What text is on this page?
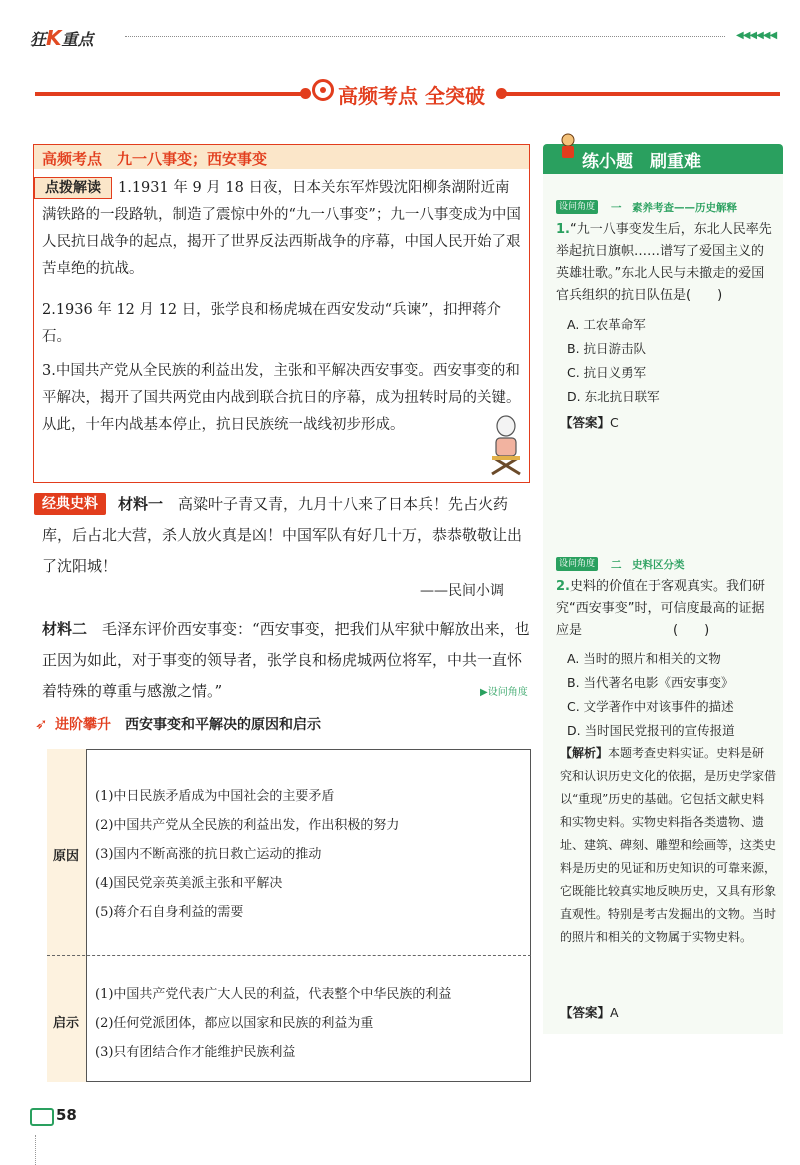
狂K重点	◀◀◀◀◀◀
高频考点 全突破
高频考点　九一八事变；西安事变
1.1931 年 9 月 18 日夜，日本关东军炸毁沈阳柳条湖附近南满铁路的一段路轨，制造了震惊中外的“九一八事变”；九一八事变成为中国人民抗日战争的起点，揭开了世界反法西斯战争的序幕，中国人民开始了艰苦卓绝的抗战。
点拨解读
2.1936 年 12 月 12 日，张学良和杨虎城在西安发动“兵谏”，扣押蒋介石。
3.中国共产党从全民族的利益出发，主张和平解决西安事变。西安事变的和平解决，揭开了国共两党由内战到联合抗日的序幕，成为扭转时局的关键。从此，十年内战基本停止，抗日民族统一战线初步形成。
材料一　高粱叶子青又青，九月十八来了日本兵！先占火药库，后占北大营，杀人放火真是凶！中国军队有好几十万，恭恭敬敬让出了沈阳城！
经典史料
——民间小调
材料二　毛泽东评价西安事变：“西安事变，把我们从牢狱中解放出来，也正因为如此，对于事变的领导者，张学良和杨虎城两位将军，中共一直怀着特殊的尊重与感激之情。”	▶设问角度
➶ 进阶攀升 西安事变和平解决的原因和启示
原因
启示
(1)中日民族矛盾成为中国社会的主要矛盾
(2)中国共产党从全民族的利益出发，作出积极的努力
(3)国内不断高涨的抗日救亡运动的推动
(4)国民党亲英美派主张和平解决
(5)蒋介石自身利益的需要
(1)中国共产党代表广大人民的利益，代表整个中华民族的利益
(2)任何党派团体，都应以国家和民族的利益为重
(3)只有团结合作才能维护民族利益
58
练小题　刷重难
设问角度 一　素养考查——历史解释
1.“九一八事变发生后，东北人民率先举起抗日旗帜……谱写了爱国主义的英雄壮歌。”东北人民与未撤走的爱国官兵组织的抗日队伍是(　　)
A. 工农革命军
B. 抗日游击队
C. 抗日义勇军
D. 东北抗日联军
【答案】C
设问角度 二　史料区分类
2.史料的价值在于客观真实。我们研究“西安事变”时，可信度最高的证据应是　　　　　　　(　　)
A. 当时的照片和相关的文物
B. 当代著名电影《西安事变》
C. 文学著作中对该事件的描述
D. 当时国民党报刊的宣传报道
【解析】本题考查史料实证。史料是研究和认识历史文化的依据，是历史学家借以“重现”历史的基础。它包括文献史料和实物史料。实物史料指各类遗物、遗址、建筑、碑刻、雕塑和绘画等，这类史料是历史的见证和历史知识的可靠来源，它既能比较真实地反映历史，又具有形象直观性。特别是考古发掘出的文物。当时的照片和相关的文物属于实物史料。
【答案】A
